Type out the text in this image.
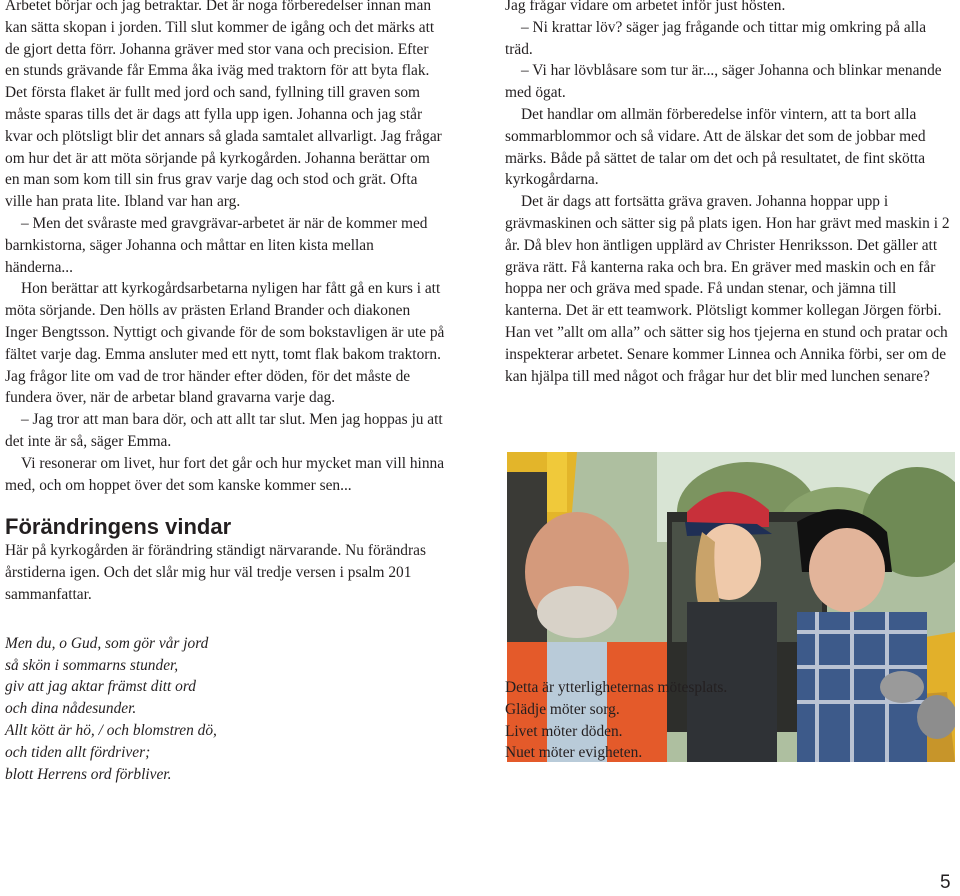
Arbetet börjar och jag betraktar. Det är noga förberedelser innan man kan sätta skopan i jorden. Till slut kommer de igång och det märks att de gjort detta förr. Johanna gräver med stor vana och precision. Efter en stunds grävande får Emma åka iväg med traktorn för att byta flak. Det första flaket är fullt med jord och sand, fyllning till graven som måste sparas tills det är dags att fylla upp igen. Johanna och jag står kvar och plötsligt blir det annars så glada samtalet allvarligt. Jag frågar om hur det är att möta sörjande på kyrkogården. Johanna berättar om en man som kom till sin frus grav varje dag och stod och grät. Ofta ville han prata lite. Ibland var han arg.

– Men det svåraste med gravgrävar-arbetet är när de kommer med barnkistorna, säger Johanna och måttar en liten kista mellan händerna...

Hon berättar att kyrkogårdsarbetarna nyligen har fått gå en kurs i att möta sörjande. Den hölls av prästen Erland Brander och diakonen Inger Bengtsson. Nyttigt och givande för de som bokstavligen är ute på fältet varje dag. Emma ansluter med ett nytt, tomt flak bakom traktorn. Jag frågor lite om vad de tror händer efter döden, för det måste de fundera över, när de arbetar bland gravarna varje dag.

– Jag tror att man bara dör, och att allt tar slut. Men jag hoppas ju att det inte är så, säger Emma.

Vi resonerar om livet, hur fort det går och hur mycket man vill hinna med, och om hoppet över det som kanske kommer sen...

Förändringens vindar

Här på kyrkogården är förändring ständigt närvarande. Nu förändras årstiderna igen. Och det slår mig hur väl tredje versen i psalm 201 sammanfattar.

Men du, o Gud, som gör vår jord
så skön i sommarns stunder,
giv att jag aktar främst ditt ord
och dina nådesunder.
Allt kött är hö, / och blomstren dö,
och tiden allt fördriver;
blott Herrens ord förbliver.

Jag frågar vidare om arbetet inför just hösten.

– Ni krattar löv? säger jag frågande och tittar mig omkring på alla träd.

– Vi har lövblåsare som tur är..., säger Johanna och blinkar menande med ögat.

Det handlar om allmän förberedelse inför vintern, att ta bort alla sommarblommor och så vidare. Att de älskar det som de jobbar med märks. Både på sättet de talar om det och på resultatet, de fint skötta kyrkogårdarna.

Det är dags att fortsätta gräva graven. Johanna hoppar upp i grävmaskinen och sätter sig på plats igen. Hon har grävt med maskin i 2 år. Då blev hon äntligen upplärd av Christer Henriksson. Det gäller att gräva rätt. Få kanterna raka och bra. En gräver med maskin och en får hoppa ner och gräva med spade. Få undan stenar, och jämna till kanterna. Det är ett teamwork. Plötsligt kommer kollegan Jörgen förbi. Han vet ”allt om alla” och sätter sig hos tjejerna en stund och pratar och inspekterar arbetet. Senare kommer Linnea och Annika förbi, ser om de kan hjälpa till med något och frågar hur det blir med lunchen senare?

Detta är ytterligheternas mötesplats.
Glädje möter sorg.
Livet möter döden.
Nuet möter evigheten.
5
